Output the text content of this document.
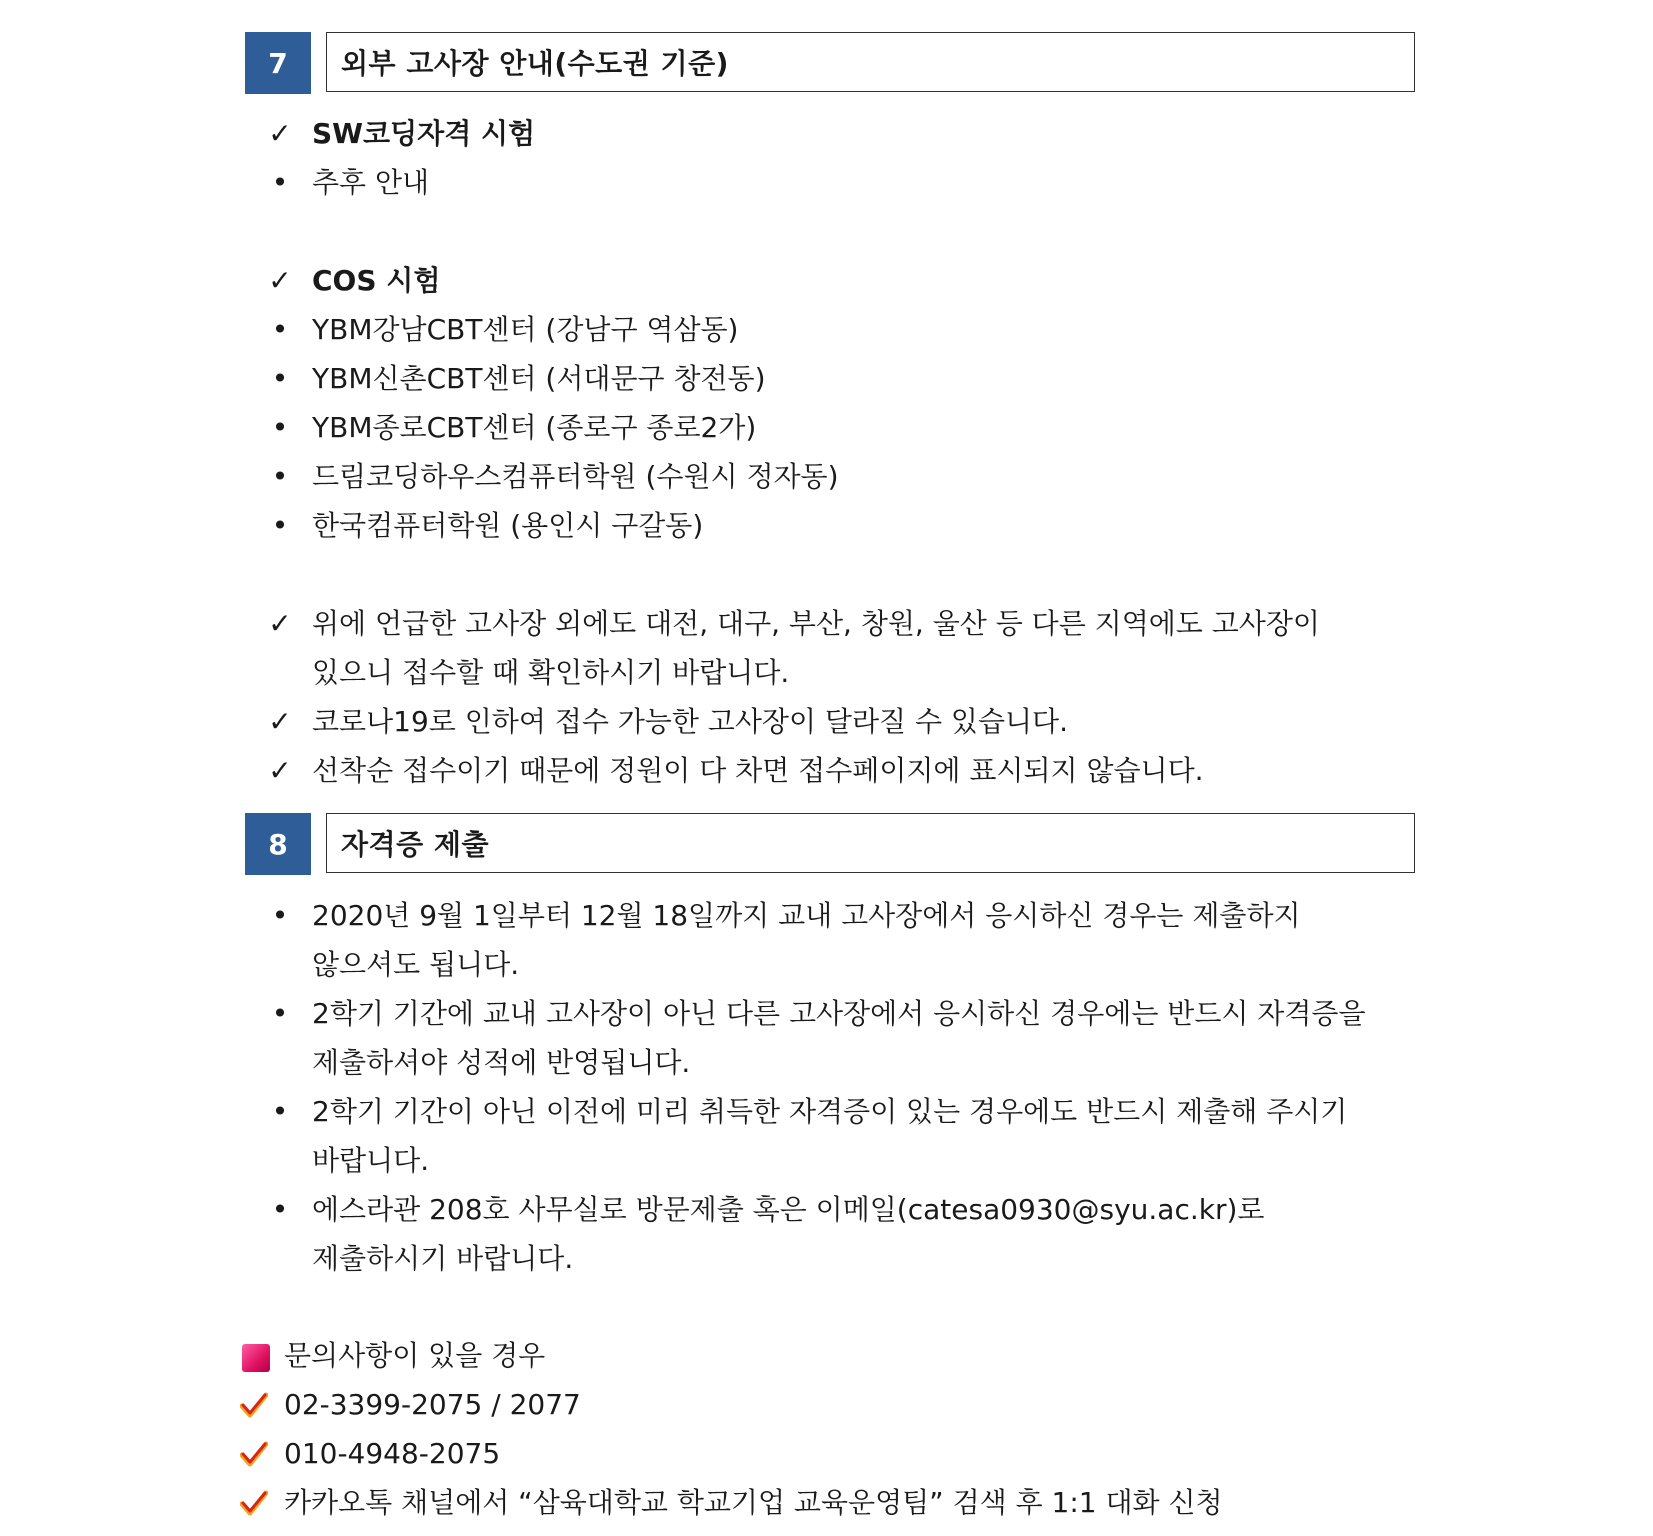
7	외부 고사장 안내(수도권 기준)
✓ SW코딩자격 시험
• 추후 안내
✓ COS 시험
• YBM강남CBT센터 (강남구 역삼동)
• YBM신촌CBT센터 (서대문구 창전동)
• YBM종로CBT센터 (종로구 종로2가)
• 드림코딩하우스컴퓨터학원 (수원시 정자동)
• 한국컴퓨터학원 (용인시 구갈동)
✓ 위에 언급한 고사장 외에도 대전, 대구, 부산, 창원, 울산 등 다른 지역에도 고사장이
있으니 접수할 때 확인하시기 바랍니다.
✓ 코로나19로 인하여 접수 가능한 고사장이 달라질 수 있습니다.
✓ 선착순 접수이기 때문에 정원이 다 차면 접수페이지에 표시되지 않습니다.
8	자격증 제출
• 2020년 9월 1일부터 12월 18일까지 교내 고사장에서 응시하신 경우는 제출하지
않으셔도 됩니다.
• 2학기 기간에 교내 고사장이 아닌 다른 고사장에서 응시하신 경우에는 반드시 자격증을
제출하셔야 성적에 반영됩니다.
• 2학기 기간이 아닌 이전에 미리 취득한 자격증이 있는 경우에도 반드시 제출해 주시기
바랍니다.
• 에스라관 208호 사무실로 방문제출 혹은 이메일(catesa0930@syu.ac.kr)로
제출하시기 바랍니다.
문의사항이 있을 경우
02-3399-2075 / 2077
010-4948-2075
카카오톡 채널에서 “삼육대학교 학교기업 교육운영팀” 검색 후 1:1 대화 신청
